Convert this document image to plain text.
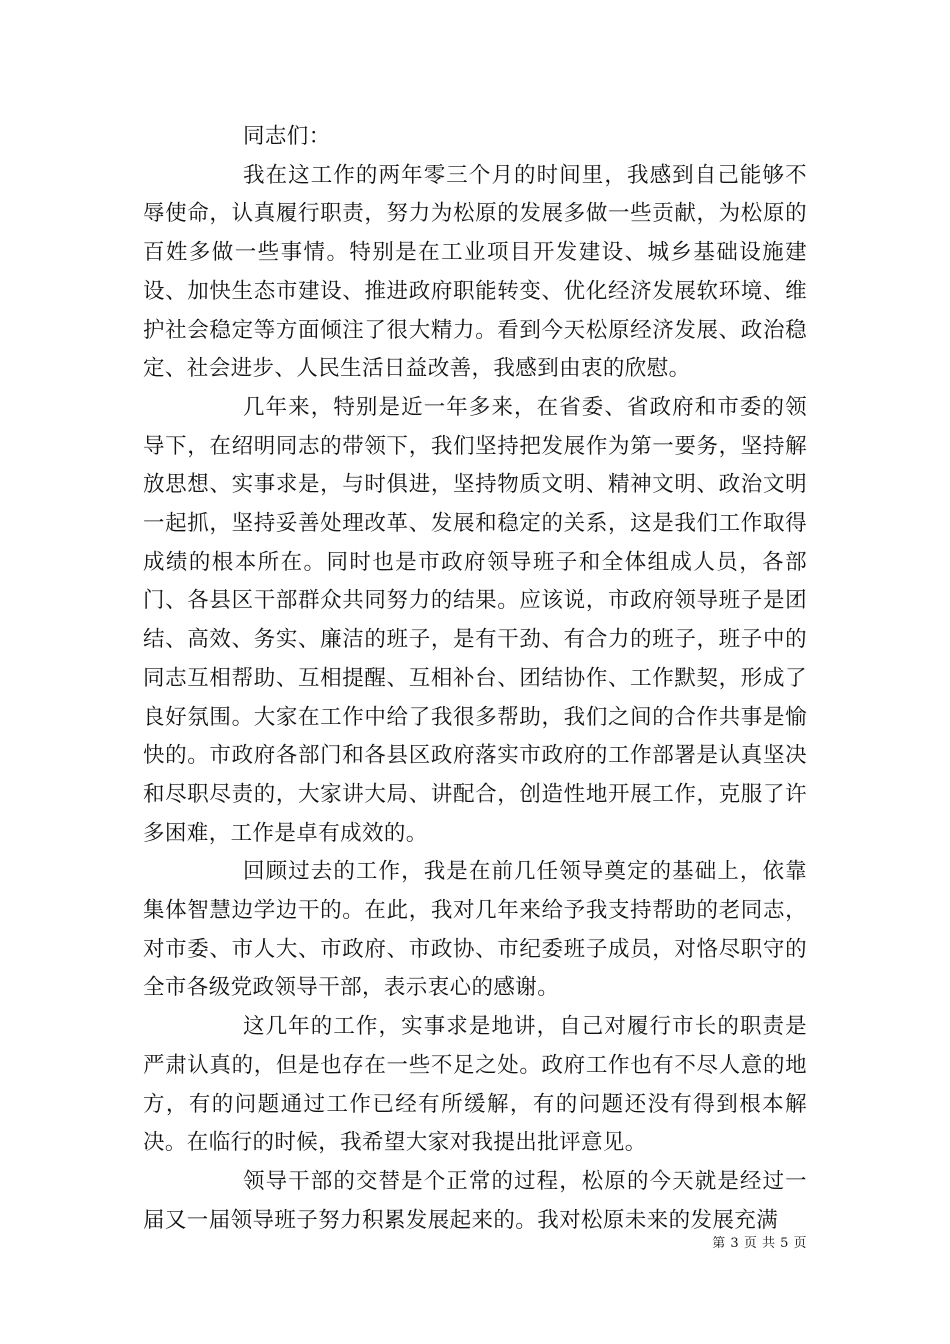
同志们：

我在这工作的两年零三个月的时间里，我感到自己能够不辱使命，认真履行职责，努力为松原的发展多做一些贡献，为松原的百姓多做一些事情。特别是在工业项目开发建设、城乡基础设施建设、加快生态市建设、推进政府职能转变、优化经济发展软环境、维护社会稳定等方面倾注了很大精力。看到今天松原经济发展、政治稳定、社会进步、人民生活日益改善，我感到由衷的欣慰。

几年来，特别是近一年多来，在省委、省政府和市委的领导下，在绍明同志的带领下，我们坚持把发展作为第一要务，坚持解放思想、实事求是，与时俱进，坚持物质文明、精神文明、政治文明一起抓，坚持妥善处理改革、发展和稳定的关系，这是我们工作取得成绩的根本所在。同时也是市政府领导班子和全体组成人员，各部门、各县区干部群众共同努力的结果。应该说，市政府领导班子是团结、高效、务实、廉洁的班子，是有干劲、有合力的班子，班子中的同志互相帮助、互相提醒、互相补台、团结协作、工作默契，形成了良好氛围。大家在工作中给了我很多帮助，我们之间的合作共事是愉快的。市政府各部门和各县区政府落实市政府的工作部署是认真坚决和尽职尽责的，大家讲大局、讲配合，创造性地开展工作，克服了许多困难，工作是卓有成效的。

回顾过去的工作，我是在前几任领导奠定的基础上，依靠集体智慧边学边干的。在此，我对几年来给予我支持帮助的老同志，对市委、市人大、市政府、市政协、市纪委班子成员，对恪尽职守的全市各级党政领导干部，表示衷心的感谢。

这几年的工作，实事求是地讲，自己对履行市长的职责是严肃认真的，但是也存在一些不足之处。政府工作也有不尽人意的地方，有的问题通过工作已经有所缓解，有的问题还没有得到根本解决。在临行的时候，我希望大家对我提出批评意见。

领导干部的交替是个正常的过程，松原的今天就是经过一届又一届领导班子努力积累发展起来的。我对松原未来的发展充满

第 3 页 共 5 页
